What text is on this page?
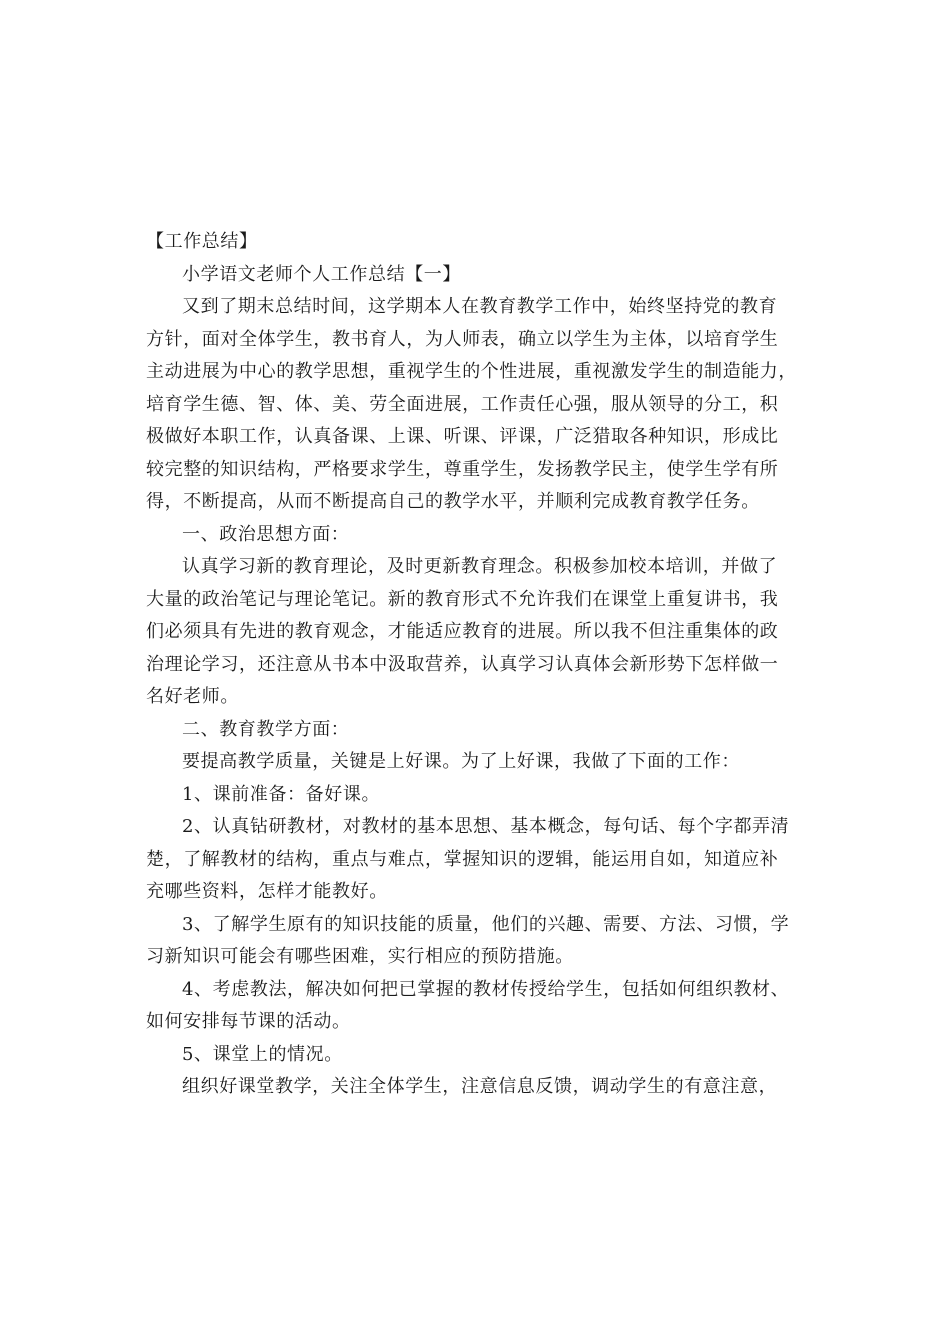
【工作总结】

小学语文老师个人工作总结【一】

又到了期末总结时间，这学期本人在教育教学工作中，始终坚持党的教育

方针，面对全体学生，教书育人，为人师表，确立以学生为主体，以培育学生

主动进展为中心的教学思想，重视学生的个性进展，重视激发学生的制造能力，

培育学生德、智、体、美、劳全面进展，工作责任心强，服从领导的分工，积

极做好本职工作，认真备课、上课、听课、评课，广泛猎取各种知识，形成比

较完整的知识结构，严格要求学生，尊重学生，发扬教学民主，使学生学有所

得，不断提高，从而不断提高自己的教学水平，并顺利完成教育教学任务。

一、政治思想方面：

认真学习新的教育理论，及时更新教育理念。积极参加校本培训，并做了

大量的政治笔记与理论笔记。新的教育形式不允许我们在课堂上重复讲书，我

们必须具有先进的教育观念，才能适应教育的进展。所以我不但注重集体的政

治理论学习，还注意从书本中汲取营养，认真学习认真体会新形势下怎样做一

名好老师。

二、教育教学方面：

要提高教学质量，关键是上好课。为了上好课，我做了下面的工作：

1、课前准备：备好课。

2、认真钻研教材，对教材的基本思想、基本概念，每句话、每个字都弄清

楚，了解教材的结构，重点与难点，掌握知识的逻辑，能运用自如，知道应补

充哪些资料，怎样才能教好。

3、了解学生原有的知识技能的质量，他们的兴趣、需要、方法、习惯，学

习新知识可能会有哪些困难，实行相应的预防措施。

4、考虑教法，解决如何把已掌握的教材传授给学生，包括如何组织教材、

如何安排每节课的活动。

5、课堂上的情况。

组织好课堂教学，关注全体学生，注意信息反馈，调动学生的有意注意，
